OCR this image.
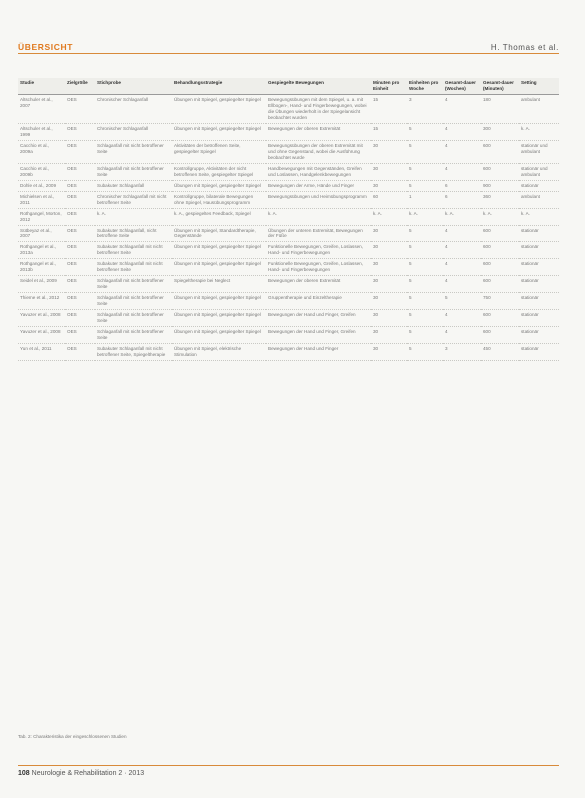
ÜBERSICHT	H. Thomas et al.
Studie	Zielgröße	Stichprobe	Behandlungsstrategie	Gespiegelte Bewegungen	Minuten pro Einheit	Einheiten pro Woche	Gesamt-dauer (Wochen)	Gesamt-dauer (Minuten)	Setting
Altschuler et al., 2007	OES	Chronischer Schlaganfall	Übungen mit Spiegel, gespiegelter Spiegel	Bewegungsübungen mit dem Spiegel, u. a. mit Ellbogen-, Hand- und Fingerbewegungen, wobei die Übungen wiederholt in der Spiegelansicht beobachtet wurden	15	3	4	180	ambulant
Altschuler et al., 1999	OES	Chronischer Schlaganfall	Übungen mit Spiegel, gespiegelter Spiegel	Bewegungen der oberen Extremität	15	5	4	300	k. A.
Cacchio et al., 2009a	OES	Schlaganfall mit nicht betroffener Seite	Aktivitäten der betroffenen Seite, gespiegelter Spiegel	Bewegungsübungen der oberen Extremität mit und ohne Gegenstand, wobei die Ausführung beobachtet wurde	30	5	4	600	stationär und ambulant
Cacchio et al., 2009b	OES	Schlaganfall mit nicht betroffener Seite	Kontrollgruppe, Aktivitäten der nicht betroffenen Seite, gespiegelter Spiegel	Handbewegungen mit Gegenständen, Greifen und Loslassen, Handgelenkbewegungen	30	5	4	600	stationär und ambulant
Dohle et al., 2009	OES	Subakuter Schlaganfall	Übungen mit Spiegel, gespiegelter Spiegel	Bewegungen der Arme, Hände und Finger	30	5	6	900	stationär
Michielsen et al., 2011	OES	Chronischer Schlaganfall mit nicht betroffener Seite	Kontrollgruppe, bilaterale Bewegungen ohne Spiegel, Hausübungsprogramm	Bewegungsübungen und Heimübungsprogramm	60	1	6	360	ambulant
Rothgangel, Morton, 2012	OES	k. A.	k. A., gespiegeltes Feedback, Spiegel	k. A.	k. A.	k. A.	k. A.	k. A.	k. A.
Sütbeyaz et al., 2007	OES	Subakuter Schlaganfall, nicht betroffene Seite	Übungen mit Spiegel, Standardtherapie, Gegenstände	Übungen der unteren Extremität, Bewegungen der Füße	30	5	4	600	stationär
Rothgangel et al., 2013a	OES	Subakuter Schlaganfall mit nicht betroffener Seite	Übungen mit Spiegel, gespiegelter Spiegel	Funktionelle Bewegungen, Greifen, Loslassen, Hand- und Fingerbewegungen	30	5	4	600	stationär
Rothgangel et al., 2013b	OES	Subakuter Schlaganfall mit nicht betroffener Seite	Übungen mit Spiegel, gespiegelter Spiegel	Funktionelle Bewegungen, Greifen, Loslassen, Hand- und Fingerbewegungen	30	5	4	600	stationär
Seidel et al., 2009	OES	Schlaganfall mit nicht betroffener Seite	Spiegeltherapie bei Neglect	Bewegungen der oberen Extremität	30	5	4	600	stationär
Thieme et al., 2012	OES	Schlaganfall mit nicht betroffener Seite	Übungen mit Spiegel, gespiegelter Spiegel	Gruppentherapie und Einzeltherapie	30	5	5	750	stationär
Yavuzer et al., 2008	OES	Schlaganfall mit nicht betroffener Seite	Übungen mit Spiegel, gespiegelter Spiegel	Bewegungen der Hand und Finger, Greifen	30	5	4	600	stationär
Yavuzer et al., 2008	OES	Schlaganfall mit nicht betroffener Seite	Übungen mit Spiegel, gespiegelter Spiegel	Bewegungen der Hand und Finger, Greifen	30	5	4	600	stationär
Yun et al., 2011	OES	Subakuter Schlaganfall mit nicht betroffener Seite, Spiegeltherapie	Übungen mit Spiegel, elektrische Stimulation	Bewegungen der Hand und Finger	30	5	3	450	stationär
Tab. 2: Charakteristika der eingeschlossenen Studien
108 Neurologie & Rehabilitation 2 · 2013
